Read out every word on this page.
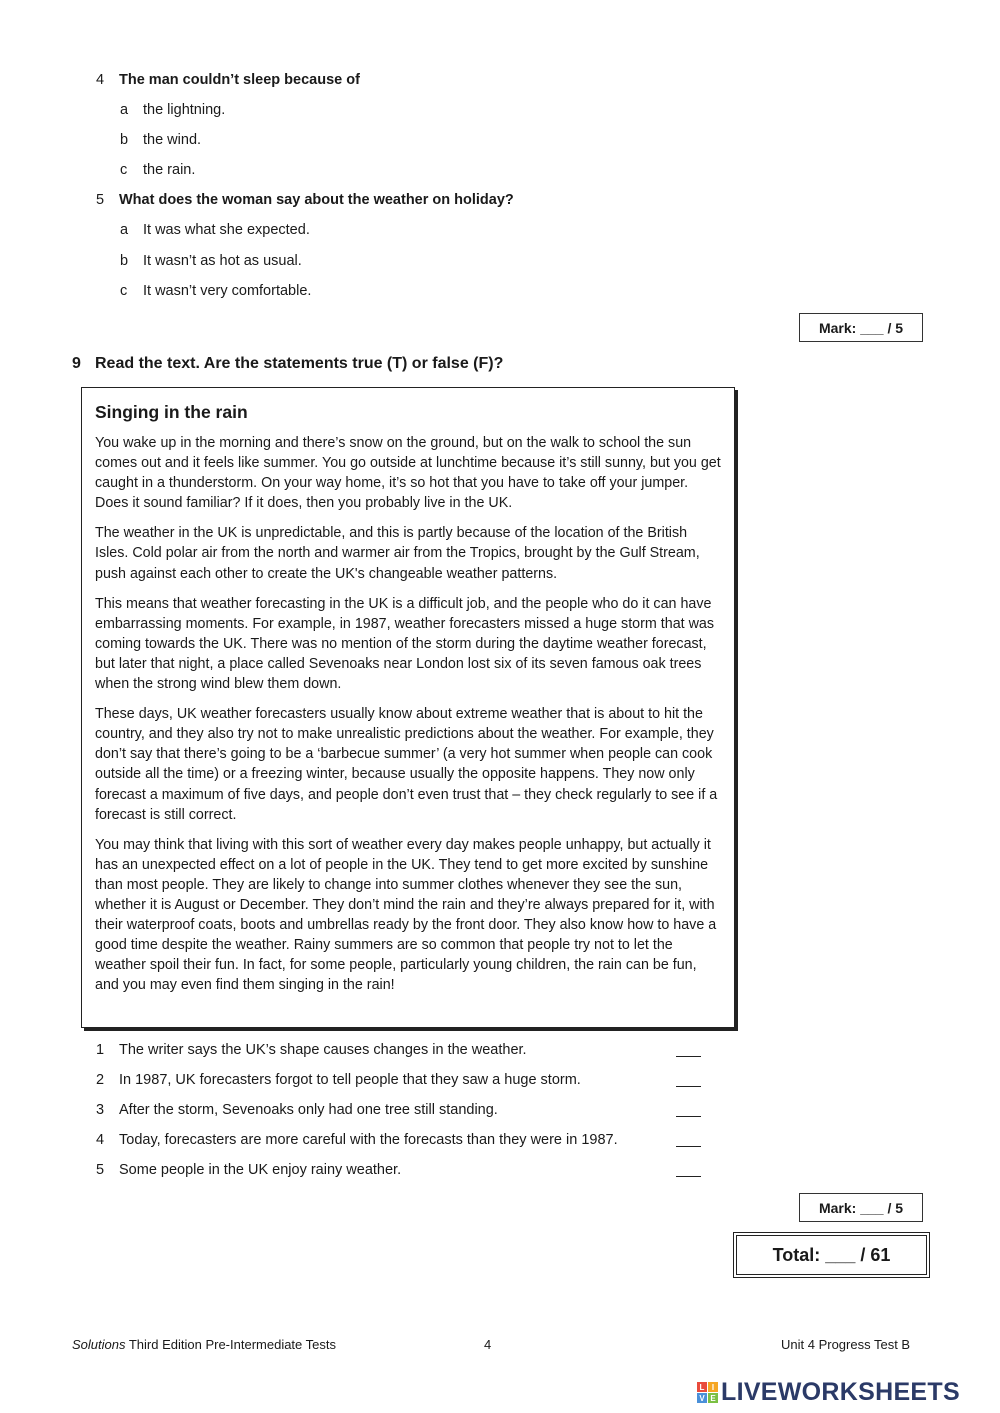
4 The man couldn’t sleep because of
a the lightning.
b the wind.
c the rain.
5 What does the woman say about the weather on holiday?
a It was what she expected.
b It wasn’t as hot as usual.
c It wasn’t very comfortable.
Mark: ___ / 5
9 Read the text. Are the statements true (T) or false (F)?
Singing in the rain

You wake up in the morning and there’s snow on the ground, but on the walk to school the sun comes out and it feels like summer. You go outside at lunchtime because it’s still sunny, but you get caught in a thunderstorm. On your way home, it’s so hot that you have to take off your jumper. Does it sound familiar? If it does, then you probably live in the UK.

The weather in the UK is unpredictable, and this is partly because of the location of the British Isles. Cold polar air from the north and warmer air from the Tropics, brought by the Gulf Stream, push against each other to create the UK's changeable weather patterns.

This means that weather forecasting in the UK is a difficult job, and the people who do it can have embarrassing moments. For example, in 1987, weather forecasters missed a huge storm that was coming towards the UK. There was no mention of the storm during the daytime weather forecast, but later that night, a place called Sevenoaks near London lost six of its seven famous oak trees when the strong wind blew them down.

These days, UK weather forecasters usually know about extreme weather that is about to hit the country, and they also try not to make unrealistic predictions about the weather. For example, they don’t say that there’s going to be a ‘barbecue summer’ (a very hot summer when people can cook outside all the time) or a freezing winter, because usually the opposite happens. They now only forecast a maximum of five days, and people don’t even trust that – they check regularly to see if a forecast is still correct.

You may think that living with this sort of weather every day makes people unhappy, but actually it has an unexpected effect on a lot of people in the UK. They tend to get more excited by sunshine than most people. They are likely to change into summer clothes whenever they see the sun, whether it is August or December. They don’t mind the rain and they’re always prepared for it, with their waterproof coats, boots and umbrellas ready by the front door. They also know how to have a good time despite the weather. Rainy summers are so common that people try not to let the weather spoil their fun. In fact, for some people, particularly young children, the rain can be fun, and you may even find them singing in the rain!

1 The writer says the UK’s shape causes changes in the weather.
2 In 1987, UK forecasters forgot to tell people that they saw a huge storm.
3 After the storm, Sevenoaks only had one tree still standing.
4 Today, forecasters are more careful with the forecasts than they were in 1987.
5 Some people in the UK enjoy rainy weather.
Mark: ___ / 5
Total: ___ / 61
Solutions Third Edition Pre-Intermediate Tests	4	Unit 4 Progress Test B
L I
V E LIVEWORKSHEETS
